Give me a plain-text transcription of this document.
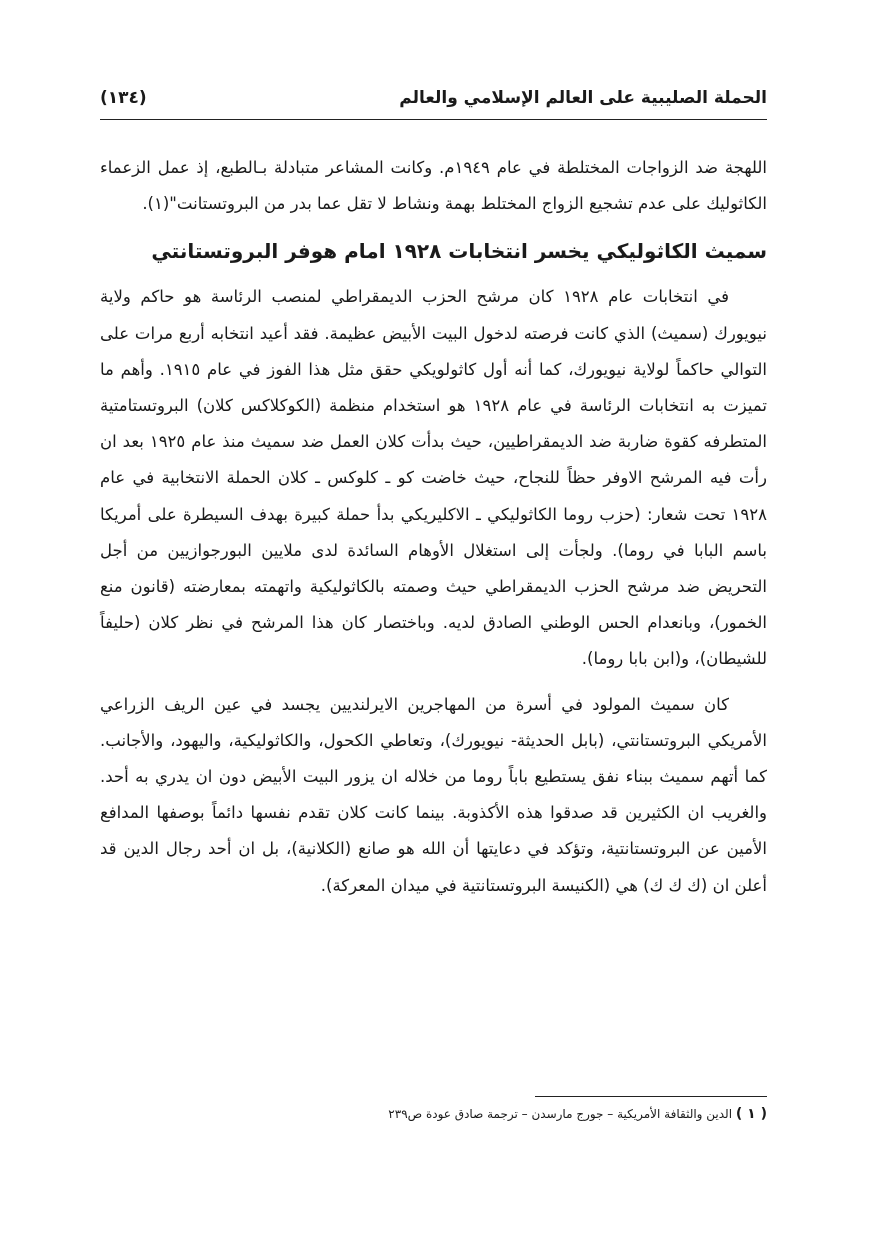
الحملة الصليبية على العالم الإسلامي والعالم
(١٣٤)

اللهجة ضد الزواجات المختلطة في عام ١٩٤٩م. وكانت المشاعر متبادلة بـالطبع، إذ عمل الزعماء الكاثوليك على عدم تشجيع الزواج المختلط بهمة ونشاط لا تقل عما بدر من البروتستانت"(١).

سميث الكاثوليكي يخسر انتخابات ١٩٢٨ امام هوفر البروتستانتي

في انتخابات عام ١٩٢٨ كان مرشح الحزب الديمقراطي لمنصب الرئاسة هو حاكم ولاية نيويورك (سميث) الذي كانت فرصته لدخول البيت الأبيض عظيمة. فقد أعيد انتخابه أربع مرات على التوالي حاكماً لولاية نيويورك، كما أنه أول كاثولويكي حقق مثل هذا الفوز في عام ١٩١٥. وأهم ما تميزت به انتخابات الرئاسة في عام ١٩٢٨ هو استخدام منظمة (الكوكلاكس كلان) البروتستامتية المتطرفه كقوة ضاربة ضد الديمقراطيين، حيث بدأت كلان العمل ضد سميث منذ عام ١٩٢٥ بعد ان رأت فيه المرشح الاوفر حظاً للنجاح، حيث خاضت كو ـ كلوكس ـ كلان الحملة الانتخابية في عام ١٩٢٨ تحت شعار: (حزب روما الكاثوليكي ـ الاكليريكي بدأ حملة كبيرة بهدف السيطرة على أمريكا باسم البابا في روما). ولجأت إلى استغلال الأوهام السائدة لدى ملايين البورجوازيين من أجل التحريض ضد مرشح الحزب الديمقراطي حيث وصمته بالكاثوليكية واتهمته بمعارضته (قانون منع الخمور)، وبانعدام الحس الوطني الصادق لديه. وباختصار كان هذا المرشح في نظر كلان (حليفاً للشيطان)، و(ابن بابا روما).

كان سميث المولود في أسرة من المهاجرين الايرلنديين يجسد في عين الريف الزراعي الأمريكي البروتستانتي، (بابل الحديثة- نيويورك)، وتعاطي الكحول، والكاثوليكية، واليهود، والأجانب. كما أتهم سميث ببناء نفق يستطيع باباً روما من خلاله ان يزور البيت الأبيض دون ان يدري به أحد. والغريب ان الكثيرين قد صدقوا هذه الأكذوبة. بينما كانت كلان تقدم نفسها دائماً بوصفها المدافع الأمين عن البروتستانتية، وتؤكد في دعايتها أن الله هو صانع (الكلانية)، بل ان أحد رجال الدين قد أعلن ان (ك ك ك) هي (الكنيسة البروتستانتية في ميدان المعركة).

( ١ ) الدين والثقافة الأمريكية – جورج مارسدن – ترجمة صادق عودة ص٢٣٩
